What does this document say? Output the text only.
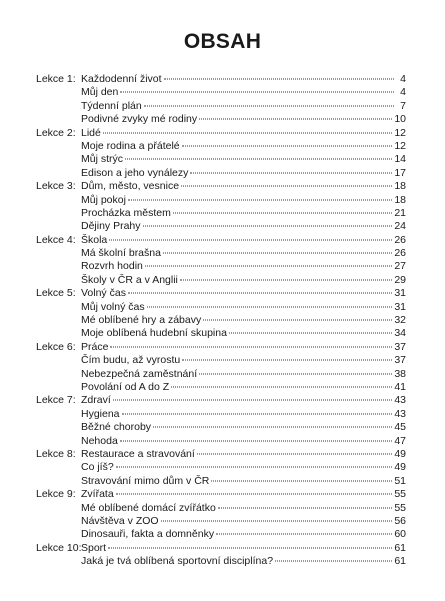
OBSAH
Lekce 1: Každodenní život	4
Můj den	4
Týdenní plán	7
Podivné zvyky mé rodiny	10
Lekce 2: Lidé	12
Moje rodina a přátelé	12
Můj strýc	14
Edison a jeho vynálezy	17
Lekce 3: Dům, město, vesnice	18
Můj pokoj	18
Procházka městem	21
Dějiny Prahy	24
Lekce 4: Škola	26
Má školní brašna	26
Rozvrh hodin	27
Školy v ČR a v Anglii	29
Lekce 5: Volný čas	31
Můj volný čas	31
Mé oblíbené hry a zábavy	32
Moje oblíbená hudební skupina	34
Lekce 6: Práce	37
Čím budu, až vyrostu	37
Nebezpečná zaměstnání	38
Povolání od A do Z	41
Lekce 7: Zdraví	43
Hygiena	43
Běžné choroby	45
Nehoda	47
Lekce 8: Restaurace a stravování	49
Co jíš?	49
Stravování mimo dům v ČR	51
Lekce 9: Zvířata	55
Mé oblíbené domácí zvířátko	55
Návštěva v ZOO	56
Dinosauři, fakta a domněnky	60
Lekce 10: Sport	61
Jaká je tvá oblíbená sportovní disciplína?	61
